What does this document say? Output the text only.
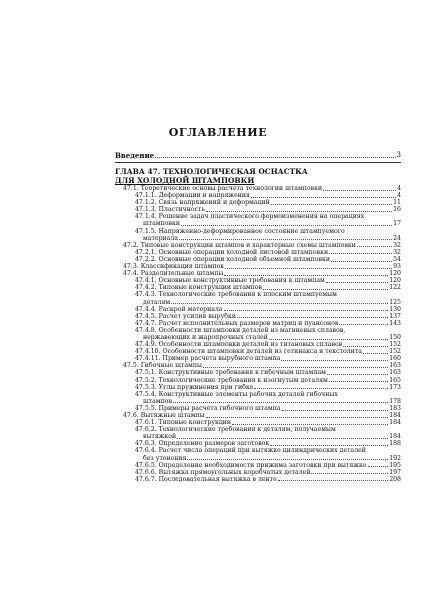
ОГЛАВЛЕНИЕ
Введение	3
ГЛАВА 47. ТЕХНОЛОГИЧЕСКАЯ ОСНАСТКА
ДЛЯ ХОЛОДНОЙ ШТАМПОВКИ
47.1. Теоретические основы расчета технологии штамповки	4
47.1.1. Деформации и напряжения	4
47.1.2. Связь напряжений и деформаций	11
47.1.3. Пластичность	16
47.1.4. Решение задач пластического формоизменения на операциях
штамповки	17
47.1.5. Напряженно-деформированное состояние штампуемого
материала	24
47.2. Типовые конструкции штампов и характерные схемы штамповки	32
47.2.1. Основные операции холодной листовой штамповки	32
47.2.2. Основные операции холодной объемной штамповки	54
47.3. Классификация штампов	93
47.4. Разделительные штампы	120
47.4.1. Основные конструктивные требования к штампам	120
47.4.2. Типовые конструкции штампов	122
47.4.3. Технологические требования к плоским штампуемым
деталям	125
47.4.4. Раскрой материала	130
47.4.5. Расчет усилия вырубки	137
47.4.7. Расчет исполнительных размеров матриц и пуансонов	143
47.4.8. Особенности штамповки деталей из магниевых сплавов,
нержавеющих и жаропрочных сталей	150
47.4.9. Особенности штамповки деталей из титановых сплавов	152
47.4.10. Особенности штамповки деталей из гетинакса и текстолита	152
47.4.11. Пример расчета вырубного штампа	160
47.5. Гибочные штампы	163
47.5.1. Конструктивные требования к гибочным штампам	163
47.5.2. Технологические требования к изогнутым деталям	165
47.5.3. Углы пружинения при гибке	173
47.5.4. Конструктивные элементы рабочих деталей гибочных
штампов	178
47.5.5. Примеры расчета гибочного штампа	183
47.6. Вытяжные штампы	184
47.6.1. Типовые конструкции	184
47.6.2. Технологические требования к деталям, получаемым
вытяжкой	184
47.6.3. Определение размеров заготовок	188
47.6.4. Расчет числа операций при вытяжке цилиндрических деталей
без утонения	192
47.6.5. Определение необходимости прижима заготовки при вытяжке	195
47.6.6. Вытяжка прямоугольных коробчатых деталей	197
47.6.7. Последовательная вытяжка в ленте	208
